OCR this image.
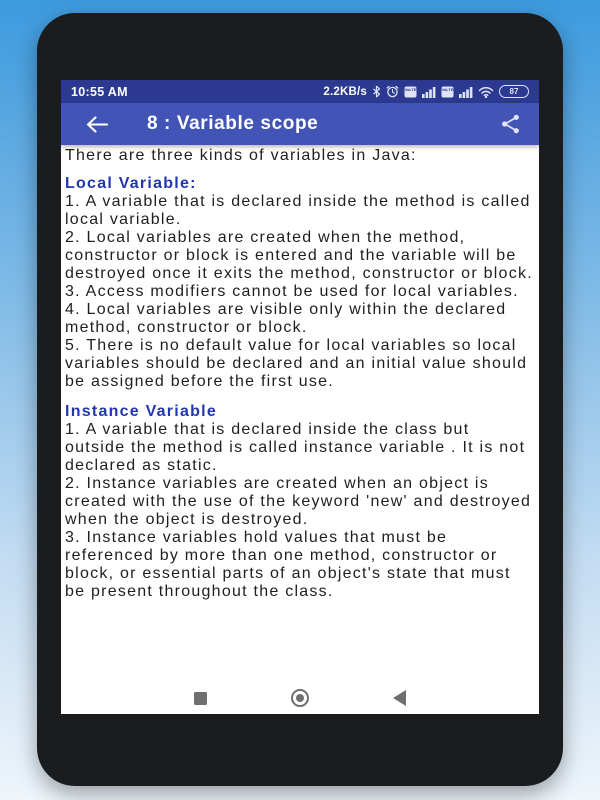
10:55 AM	2.2KB/s	VoLTE	VoLTE	87
8 : Variable scope

There are three kinds of variables in Java:

Local Variable:

1. A variable that is declared inside the method is called local variable.

2. Local variables are created when the method, constructor or block is entered and the variable will be destroyed once it exits the method, constructor or block.

3. Access modifiers cannot be used for local variables.

4. Local variables are visible only within the declared method, constructor or block.

5. There is no default value for local variables so local variables should be declared and an initial value should be assigned before the first use.

Instance Variable

1. A variable that is declared inside the class but outside the method is called instance variable . It is not declared as static.

2. Instance variables are created when an object is created with the use of the keyword 'new' and destroyed when the object is destroyed.

3. Instance variables hold values that must be referenced by more than one method, constructor or block, or essential parts of an object's state that must be present throughout the class.
